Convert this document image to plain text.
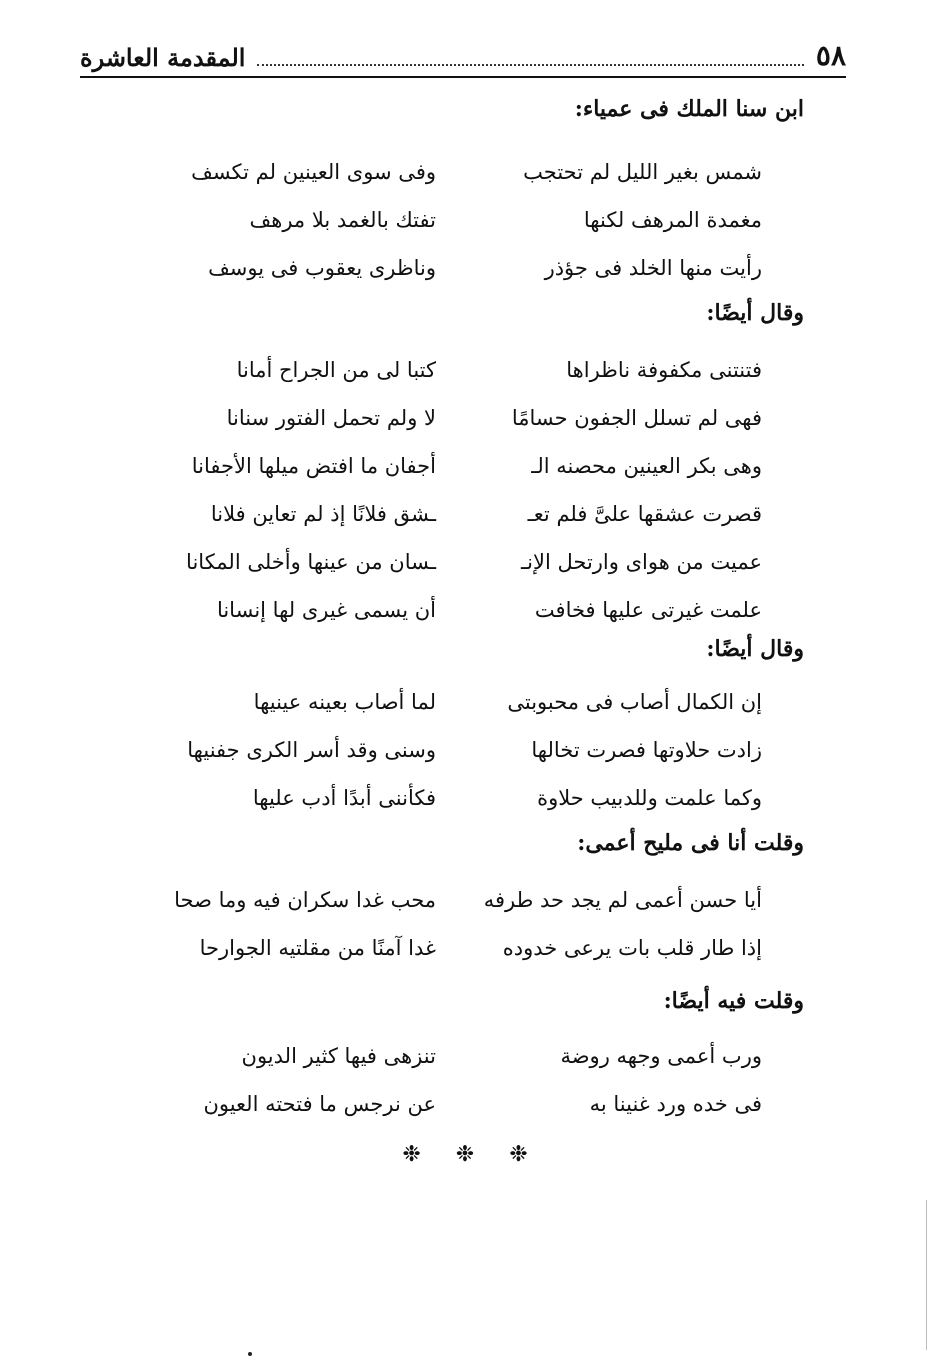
٥٨
المقدمة العاشرة
ابن سنا الملك فى عمياء:
شمس بغير الليل لم تحتجب
وفى سوى العينين لم تكسف
مغمدة المرهف لكنها
تفتك بالغمد بلا مرهف
رأيت منها الخلد فى جؤذر
وناظرى يعقوب فى يوسف
وقال أيضًا:
فتنتنى مكفوفة ناظراها
كتبا لى من الجراح أمانا
فهى لم تسلل الجفون حسامًا
لا ولم تحمل الفتور سنانا
وهى بكر العينين محصنه الـ
أجفان ما افتض ميلها الأجفانا
قصرت عشقها علىَّ فلم تعـ
ـشق فلانًا إذ لم تعاين فلانا
عميت من هواى وارتحل الإنـ
ـسان من عينها وأخلى المكانا
علمت غيرتى عليها فخافت
أن يسمى غيرى لها إنسانا
وقال أيضًا:
إن الكمال أصاب فى محبوبتى
لما أصاب بعينه عينيها
زادت حلاوتها فصرت تخالها
وسنى وقد أسر الكرى جفنيها
وكما علمت وللدبيب حلاوة
فكأننى أبدًا أدب عليها
وقلت أنا فى مليح أعمى:
أيا حسن أعمى لم يجد حد طرفه
محب غدا سكران فيه وما صحا
إذا طار قلب بات يرعى خدوده
غدا آمنًا من مقلتيه الجوارحا
وقلت فيه أيضًا:
ورب أعمى وجهه روضة
تنزهى فيها كثير الديون
فى خده ورد غنينا به
عن نرجس ما فتحته العيون
❉ ❉ ❉
